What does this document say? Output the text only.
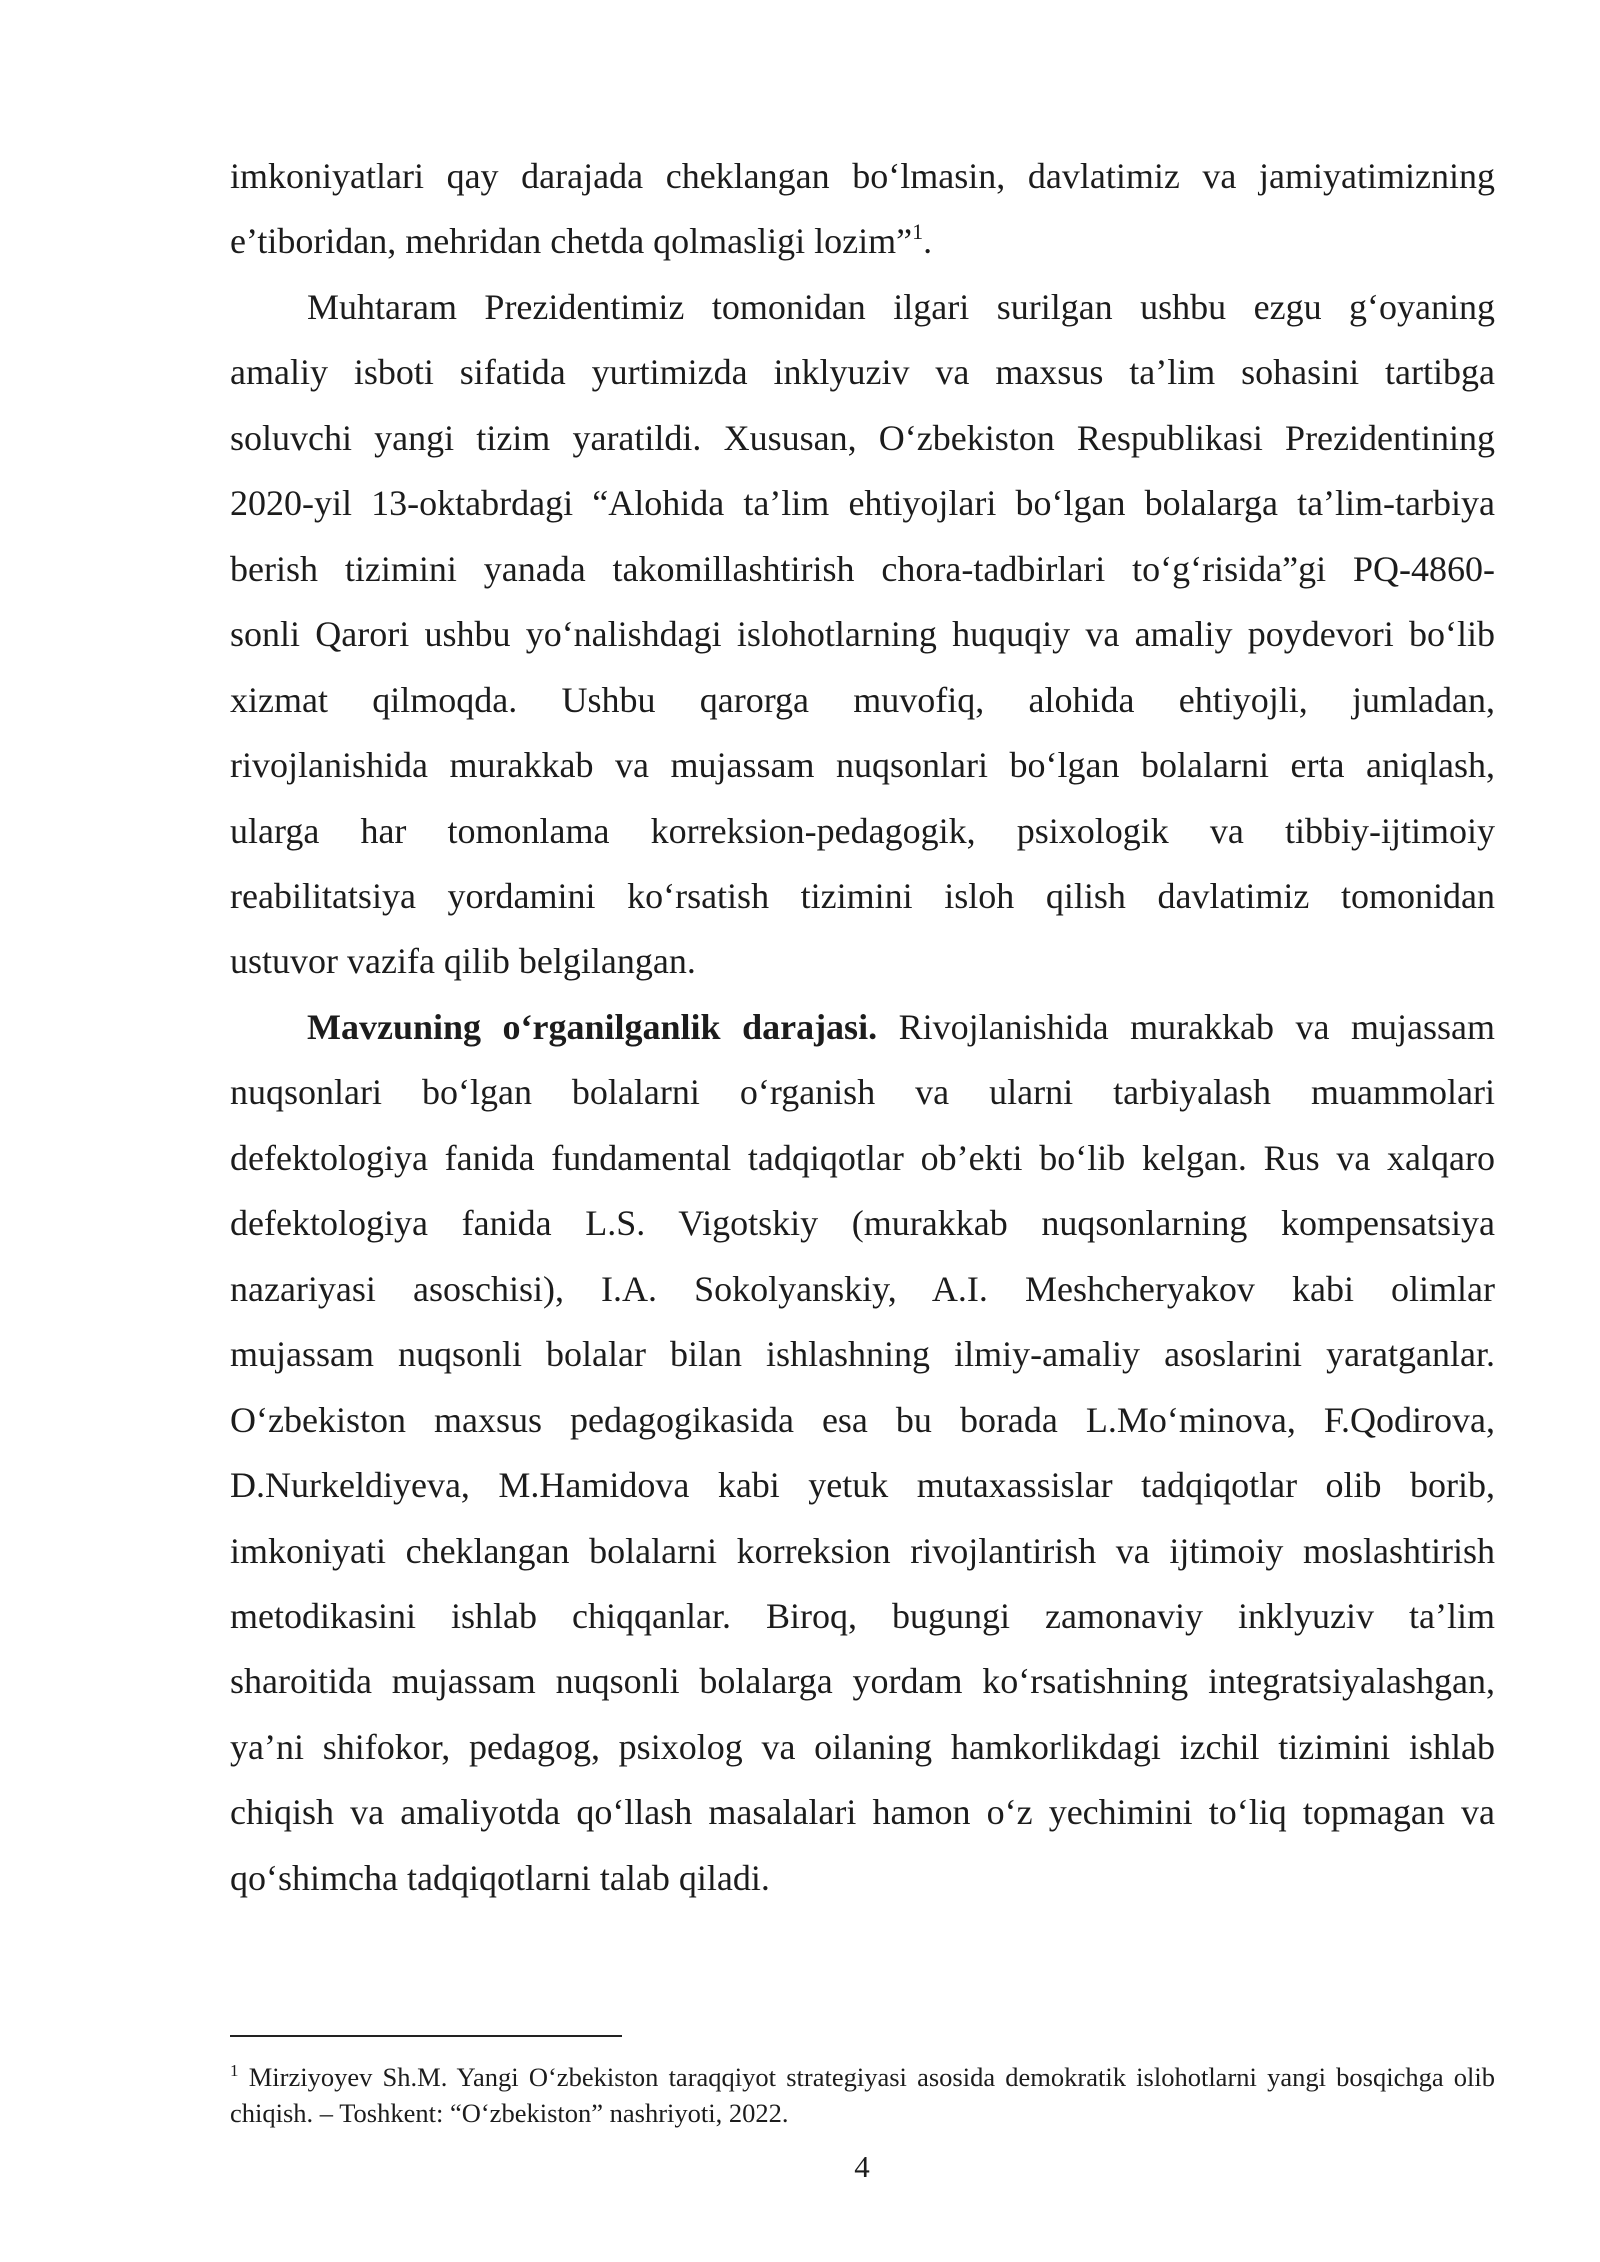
imkoniyatlari qay darajada cheklangan bo‘lmasin, davlatimiz va jamiyatimizning
e’tiboridan, mehridan chetda qolmasligi lozim”$^1$.
Muhtaram Prezidentimiz tomonidan ilgari surilgan ushbu ezgu g‘oyaning
amaliy isboti sifatida yurtimizda inklyuziv va maxsus ta’lim sohasini tartibga
soluvchi yangi tizim yaratildi. Xususan, O‘zbekiston Respublikasi Prezidentining
2020-yil 13-oktabrdagi “Alohida ta’lim ehtiyojlari bo‘lgan bolalarga ta’lim-tarbiya
berish tizimini yanada takomillashtirish chora-tadbirlari to‘g‘risida”gi PQ-4860-
sonli Qarori ushbu yo‘nalishdagi islohotlarning huquqiy va amaliy poydevori bo‘lib
xizmat qilmoqda. Ushbu qarorga muvofiq, alohida ehtiyojli, jumladan,
rivojlanishida murakkab va mujassam nuqsonlari bo‘lgan bolalarni erta aniqlash,
ularga har tomonlama korreksion-pedagogik, psixologik va tibbiy-ijtimoiy
reabilitatsiya yordamini ko‘rsatish tizimini isloh qilish davlatimiz tomonidan
ustuvor vazifa qilib belgilangan.
Mavzuning o‘rganilganlik darajasi. Rivojlanishida murakkab va mujassam
nuqsonlari bo‘lgan bolalarni o‘rganish va ularni tarbiyalash muammolari
defektologiya fanida fundamental tadqiqotlar ob’ekti bo‘lib kelgan. Rus va xalqaro
defektologiya fanida L.S. Vigotskiy (murakkab nuqsonlarning kompensatsiya
nazariyasi asoschisi), I.A. Sokolyanskiy, A.I. Meshcheryakov kabi olimlar
mujassam nuqsonli bolalar bilan ishlashning ilmiy-amaliy asoslarini yaratganlar.
O‘zbekiston maxsus pedagogikasida esa bu borada L.Mo‘minova, F.Qodirova,
D.Nurkeldiyeva, M.Hamidova kabi yetuk mutaxassislar tadqiqotlar olib borib,
imkoniyati cheklangan bolalarni korreksion rivojlantirish va ijtimoiy moslashtirish
metodikasini ishlab chiqqanlar. Biroq, bugungi zamonaviy inklyuziv ta’lim
sharoitida mujassam nuqsonli bolalarga yordam ko‘rsatishning integratsiyalashgan,
ya’ni shifokor, pedagog, psixolog va oilaning hamkorlikdagi izchil tizimini ishlab
chiqish va amaliyotda qo‘llash masalalari hamon o‘z yechimini to‘liq topmagan va
qo‘shimcha tadqiqotlarni talab qiladi.
$^1$ Mirziyoyev Sh.M. Yangi O‘zbekiston taraqqiyot strategiyasi asosida demokratik islohotlarni yangi bosqichga olib
chiqish. – Toshkent: “O‘zbekiston” nashriyoti, 2022.
4
